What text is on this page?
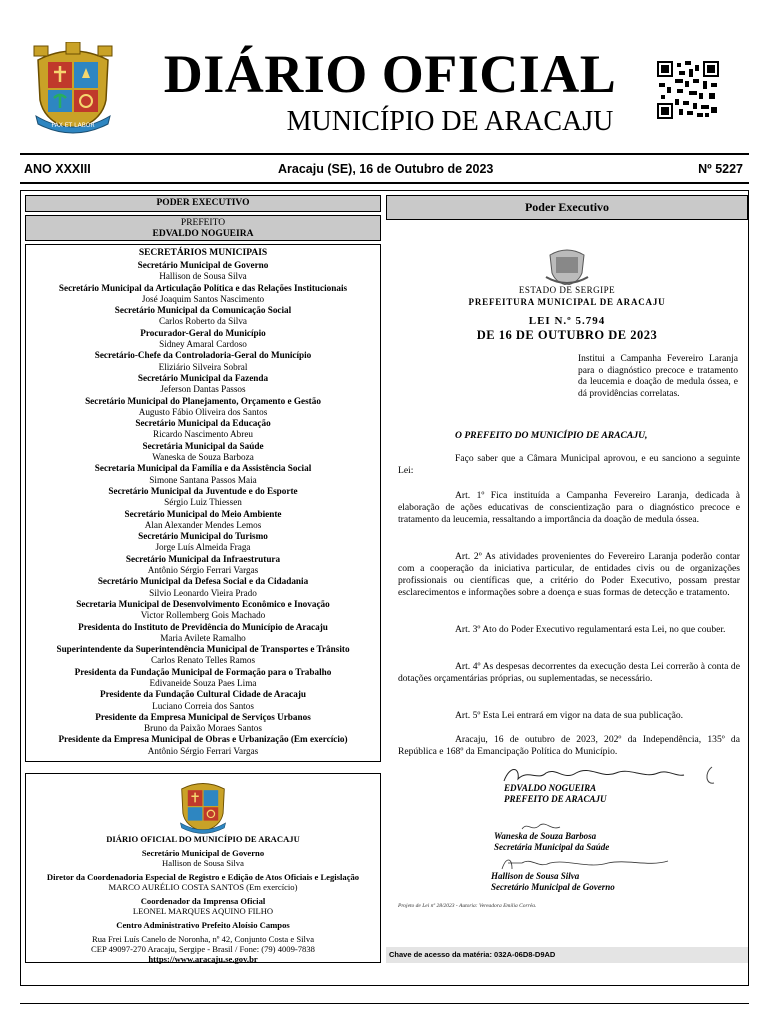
PAX ET LABOR
DIÁRIO OFICIAL
MUNICÍPIO DE ARACAJU
ANO XXXIII	Aracaju (SE), 16 de Outubro de 2023	Nº 5227
PODER EXECUTIVO
PREFEITO
EDVALDO NOGUEIRA
SECRETÁRIOS MUNICIPAIS
Secretário Municipal de Governo
Hallison de Sousa Silva
Secretário Municipal da Articulação Política e das Relações Institucionais
José Joaquim Santos Nascimento
Secretário Municipal da Comunicação Social
Carlos Roberto da Silva
Procurador-Geral do Município
Sidney Amaral Cardoso
Secretário-Chefe da Controladoria-Geral do Município
Eliziário Silveira Sobral
Secretário Municipal da Fazenda
Jeferson Dantas Passos
Secretário Municipal do Planejamento, Orçamento e Gestão
Augusto Fábio Oliveira dos Santos
Secretário Municipal da Educação
Ricardo Nascimento Abreu
Secretária Municipal da Saúde
Waneska de Souza Barboza
Secretaria Municipal da Família e da Assistência Social
Simone Santana Passos Maia
Secretário Municipal da Juventude e do Esporte
Sérgio Luiz Thiessen
Secretário Municipal do Meio Ambiente
Alan Alexander Mendes Lemos
Secretário Municipal do Turismo
Jorge Luís Almeida Fraga
Secretário Municipal da Infraestrutura
Antônio Sérgio Ferrari Vargas
Secretário Municipal da Defesa Social e da Cidadania
Silvio Leonardo Vieira Prado
Secretaria Municipal de Desenvolvimento Econômico e Inovação
Victor Rollemberg Gois Machado
Presidenta do Instituto de Previdência do Município de Aracaju
Maria Avilete Ramalho
Superintendente da Superintendência Municipal de Transportes e Trânsito
Carlos Renato Telles Ramos
Presidenta da Fundação Municipal de Formação para o Trabalho
Edivaneide Souza Paes Lima
Presidente da Fundação Cultural Cidade de Aracaju
Luciano Correia dos Santos
Presidente da Empresa Municipal de Serviços Urbanos
Bruno da Paixão Moraes Santos
Presidente da Empresa Municipal de Obras e Urbanização (Em exercício)
Antônio Sérgio Ferrari Vargas
DIÁRIO OFICIAL DO MUNICÍPIO DE ARACAJU
Secretário Municipal de Governo
Hallison de Sousa Silva
Diretor da Coordenadoria Especial de Registro e Edição de Atos Oficiais e Legislação
MARCO AURÉLIO COSTA SANTOS (Em exercício)
Coordenador da Imprensa Oficial
LEONEL MARQUES AQUINO FILHO
Centro Administrativo Prefeito Aloísio Campos
Rua Frei Luís Canelo de Noronha, nº 42, Conjunto Costa e Silva
CEP 49097-270 Aracaju, Sergipe - Brasil / Fone: (79) 4009-7838
https://www.aracaju.se.gov.br
Poder Executivo
ESTADO DE SERGIPE
PREFEITURA MUNICIPAL DE ARACAJU
LEI N.º 5.794
DE 16 DE OUTUBRO DE 2023
Institui a Campanha Fevereiro Laranja para o diagnóstico precoce e tratamento da leucemia e doação de medula óssea, e dá providências correlatas.
O PREFEITO DO MUNICÍPIO DE ARACAJU,
Faço saber que a Câmara Municipal aprovou, e eu sanciono a seguinte Lei:
Art. 1º Fica instituída a Campanha Fevereiro Laranja, dedicada à elaboração de ações educativas de conscientização para o diagnóstico precoce e tratamento da leucemia, ressaltando a importância da doação de medula óssea.
Art. 2º As atividades provenientes do Fevereiro Laranja poderão contar com a cooperação da iniciativa particular, de entidades civis ou de organizações profissionais ou científicas que, a critério do Poder Executivo, possam prestar esclarecimentos e informações sobre a doença e suas formas de detecção e tratamento.
Art. 3º Ato do Poder Executivo regulamentará esta Lei, no que couber.
Art. 4º As despesas decorrentes da execução desta Lei correrão à conta de dotações orçamentárias próprias, ou suplementadas, se necessário.
Art. 5º Esta Lei entrará em vigor na data de sua publicação.
Aracaju, 16 de outubro de 2023, 202º da Independência, 135º da República e 168º da Emancipação Política do Município.
EDVALDO NOGUEIRA
PREFEITO DE ARACAJU
Waneska de Souza Barbosa
Secretária Municipal da Saúde
Hallison de Sousa Silva
Secretário Municipal de Governo
Projeto de Lei nº 28/2023 - Autoria: Vereadora Emília Corrêa.
Chave de acesso da matéria: 032A-06D8-D9AD
